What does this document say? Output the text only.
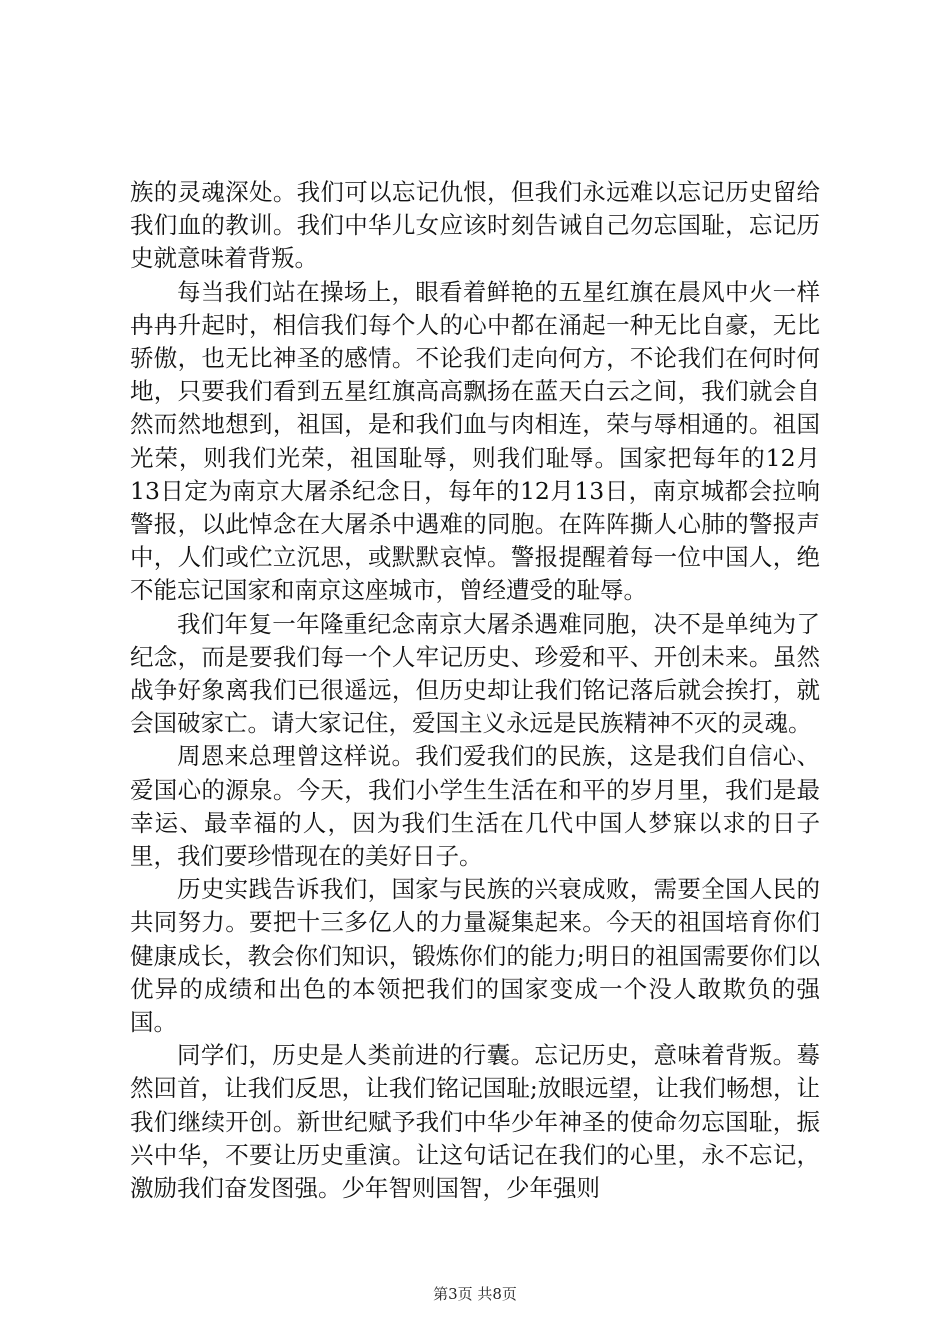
族的灵魂深处。我们可以忘记仇恨，但我们永远难以忘记历史留给我们血的教训。我们中华儿女应该时刻告诫自己勿忘国耻，忘记历史就意味着背叛。

每当我们站在操场上，眼看着鲜艳的五星红旗在晨风中火一样冉冉升起时，相信我们每个人的心中都在涌起一种无比自豪，无比骄傲，也无比神圣的感情。不论我们走向何方，不论我们在何时何地，只要我们看到五星红旗高高飘扬在蓝天白云之间，我们就会自然而然地想到，祖国，是和我们血与肉相连，荣与辱相通的。祖国光荣，则我们光荣，祖国耻辱，则我们耻辱。国家把每年的12月13日定为南京大屠杀纪念日，每年的12月13日，南京城都会拉响警报，以此悼念在大屠杀中遇难的同胞。在阵阵撕人心肺的警报声中，人们或伫立沉思，或默默哀悼。警报提醒着每一位中国人，绝不能忘记国家和南京这座城市，曾经遭受的耻辱。

我们年复一年隆重纪念南京大屠杀遇难同胞，决不是单纯为了纪念，而是要我们每一个人牢记历史、珍爱和平、开创未来。虽然战争好象离我们已很遥远，但历史却让我们铭记落后就会挨打，就会国破家亡。请大家记住，爱国主义永远是民族精神不灭的灵魂。

周恩来总理曾这样说。我们爱我们的民族，这是我们自信心、爱国心的源泉。今天，我们小学生生活在和平的岁月里，我们是最幸运、最幸福的人，因为我们生活在几代中国人梦寐以求的日子里，我们要珍惜现在的美好日子。

历史实践告诉我们，国家与民族的兴衰成败，需要全国人民的共同努力。要把十三多亿人的力量凝集起来。今天的祖国培育你们健康成长，教会你们知识，锻炼你们的能力;明日的祖国需要你们以优异的成绩和出色的本领把我们的国家变成一个没人敢欺负的强国。

同学们，历史是人类前进的行囊。忘记历史，意味着背叛。蓦然回首，让我们反思，让我们铭记国耻;放眼远望，让我们畅想，让我们继续开创。新世纪赋予我们中华少年神圣的使命勿忘国耻，振兴中华，不要让历史重演。让这句话记在我们的心里，永不忘记，激励我们奋发图强。少年智则国智，少年强则

第3页 共8页
